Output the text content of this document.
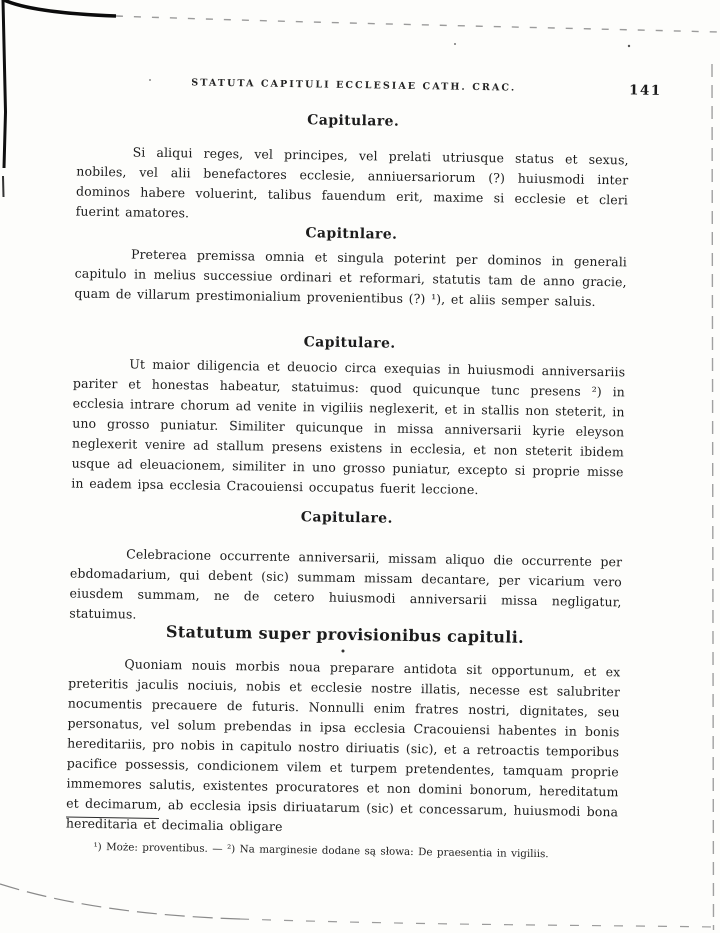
STATUTA CAPITULI ECCLESIAE CATH. CRAC.	141
Capitulare.

Si aliqui reges, vel principes, vel prelati utriusque status et sexus, nobiles, vel alii benefactores ecclesie, anniuersariorum (?) huiusmodi inter dominos habere voluerint, talibus fauendum erit, maxime si ecclesie et cleri fuerint amatores.

Capitnlare.

Preterea premissa omnia et singula poterint per dominos in generali capitulo in melius successiue ordinari et reformari, statutis tam de anno gracie, quam de villarum prestimonialium provenientibus (?) ¹), et aliis semper saluis.

Capitulare.

Ut maior diligencia et deuocio circa exequias in huiusmodi anniversariis pariter et honestas habeatur, statuimus: quod quicunque tunc presens ²) in ecclesia intrare chorum ad venite in vigiliis neglexerit, et in stallis non steterit, in uno grosso puniatur. Similiter quicunque in missa anniversarii kyrie eleyson neglexerit venire ad stallum presens existens in ecclesia, et non steterit ibidem usque ad eleuacionem, similiter in uno grosso puniatur, excepto si proprie misse in eadem ipsa ecclesia Cracouiensi occupatus fuerit leccione.

Capitulare.

Celebracione occurrente anniversarii, missam aliquo die occurrente per ebdomadarium, qui debent (sic) summam missam decantare, per vicarium vero eiusdem summam, ne de cetero huiusmodi anniversarii missa negligatur, statuimus.

Statutum super provisionibus capituli.

Quoniam nouis morbis noua preparare antidota sit opportunum, et ex preteritis jaculis nociuis, nobis et ecclesie nostre illatis, necesse est salubriter nocumentis precauere de futuris. Nonnulli enim fratres nostri, dignitates, seu personatus, vel solum prebendas in ipsa ecclesia Cracouiensi habentes in bonis hereditariis, pro nobis in capitulo nostro diriuatis (sic), et a retroactis temporibus pacifice possessis, condicionem vilem et turpem pretendentes, tamquam proprie immemores salutis, existentes procuratores et non domini bonorum, hereditatum et decimarum, ab ecclesia ipsis diriuatarum (sic) et concessarum, huiusmodi bona hereditaria et decimalia obligare

¹) Może: proventibus. — ²) Na marginesie dodane są słowa: De praesentia in vigiliis.
